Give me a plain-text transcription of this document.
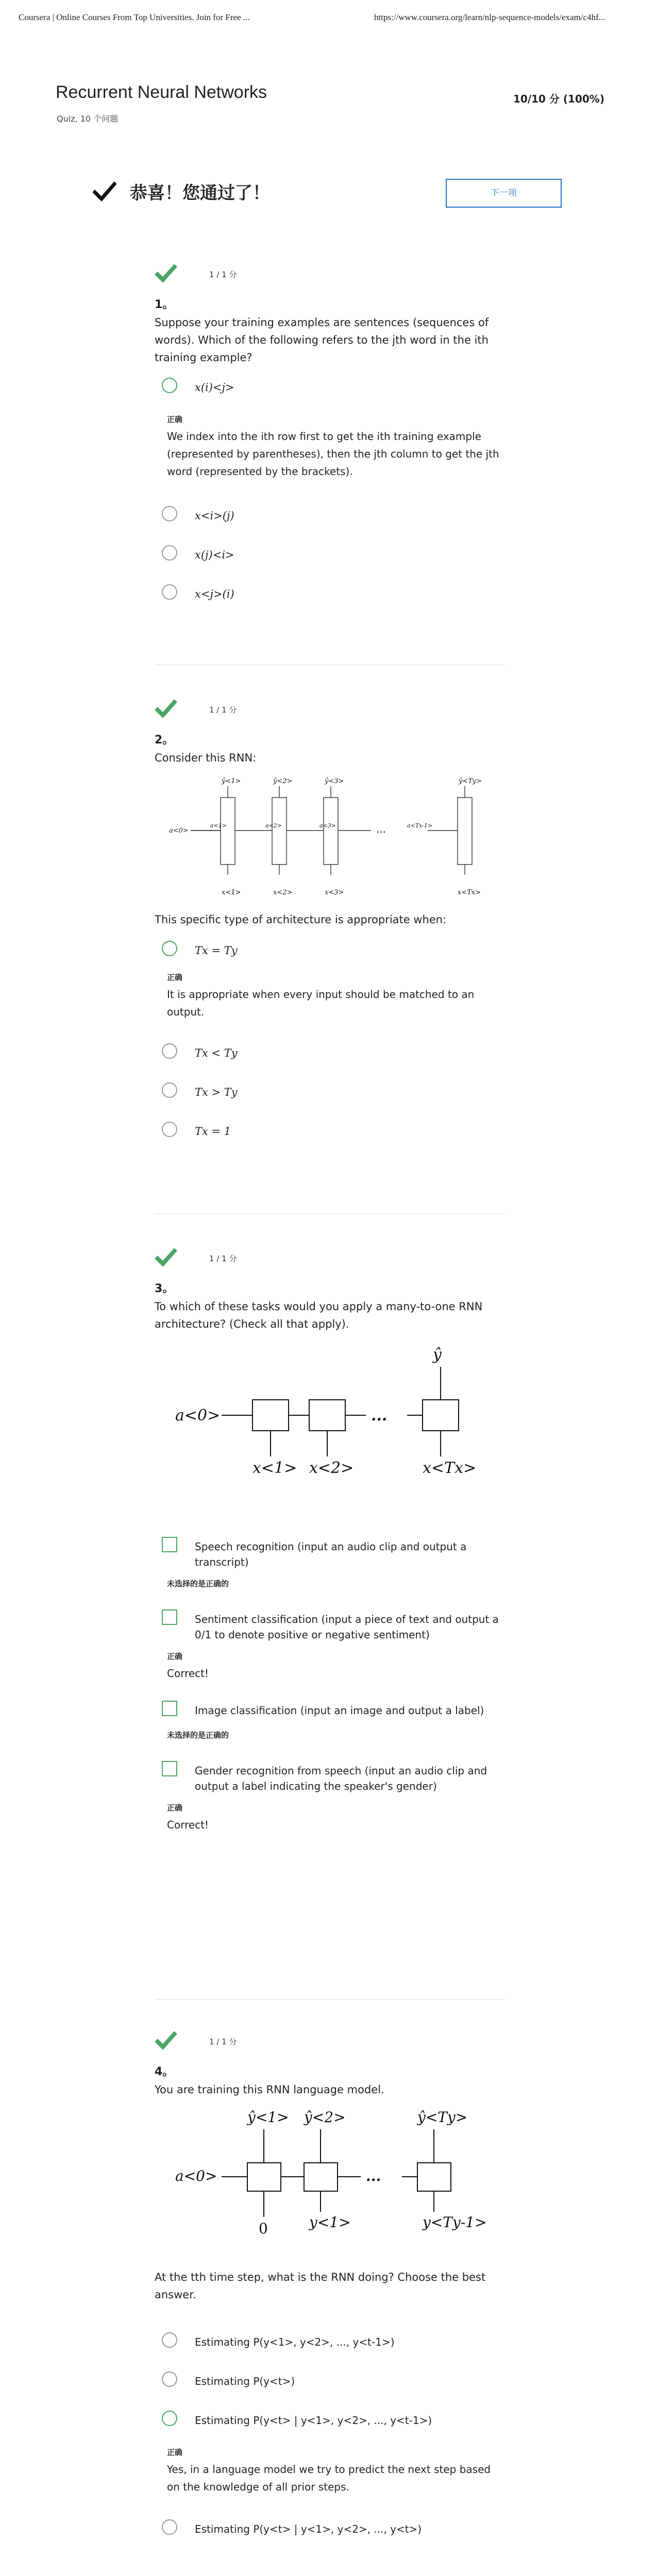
Coursera | Online Courses From Top Universities. Join for Free ...	https://www.coursera.org/learn/nlp-sequence-models/exam/c4hf...
Recurrent Neural Networks
Quiz, 10 个问题
10/10 分 (100%)
恭喜！您通过了！	下一项
1 / 1 分
1。
Suppose your training examples are sentences (sequences of words). Which of the following refers to the jth word in the ith training example?
x(i)<j>
正确
We index into the ith row first to get the ith training example (represented by parentheses), then the jth column to get the jth word (represented by the brackets).
x<i>(j)
x(j)<i>
x<j>(i)
1 / 1 分
2。
Consider this RNN:
a<0>
a<1>	a<2>	a<3>	...	a<Tx-1>
ŷ<1>	ŷ<2>	ŷ<3>	ŷ<Ty>
x<1>	x<2>	x<3>	x<Tx>
This specific type of architecture is appropriate when:
Tx = Ty
正确
It is appropriate when every input should be matched to an output.
Tx < Ty
Tx > Ty
Tx = 1
1 / 1 分
3。
To which of these tasks would you apply a many-to-one RNN architecture? (Check all that apply).
a<0>
x<1> x<2>	x<Tx>
ŷ
...
Speech recognition (input an audio clip and output a transcript)
未选择的是正确的
Sentiment classification (input a piece of text and output a 0/1 to denote positive or negative sentiment)
正确
Correct!
Image classification (input an image and output a label)
未选择的是正确的
Gender recognition from speech (input an audio clip and output a label indicating the speaker's gender)
正确
Correct!
1 / 1 分
4。
You are training this RNN language model.
a<0>
ŷ<1> ŷ<2>	ŷ<Ty>
0	y<1>	y<Ty-1>
...
At the tth time step, what is the RNN doing? Choose the best answer.
Estimating P(y<1>, y<2>, ..., y<t-1>)
Estimating P(y<t>)
Estimating P(y<t> | y<1>, y<2>, ..., y<t-1>)
正确
Yes, in a language model we try to predict the next step based on the knowledge of all prior steps.
Estimating P(y<t> | y<1>, y<2>, ..., y<t>)
